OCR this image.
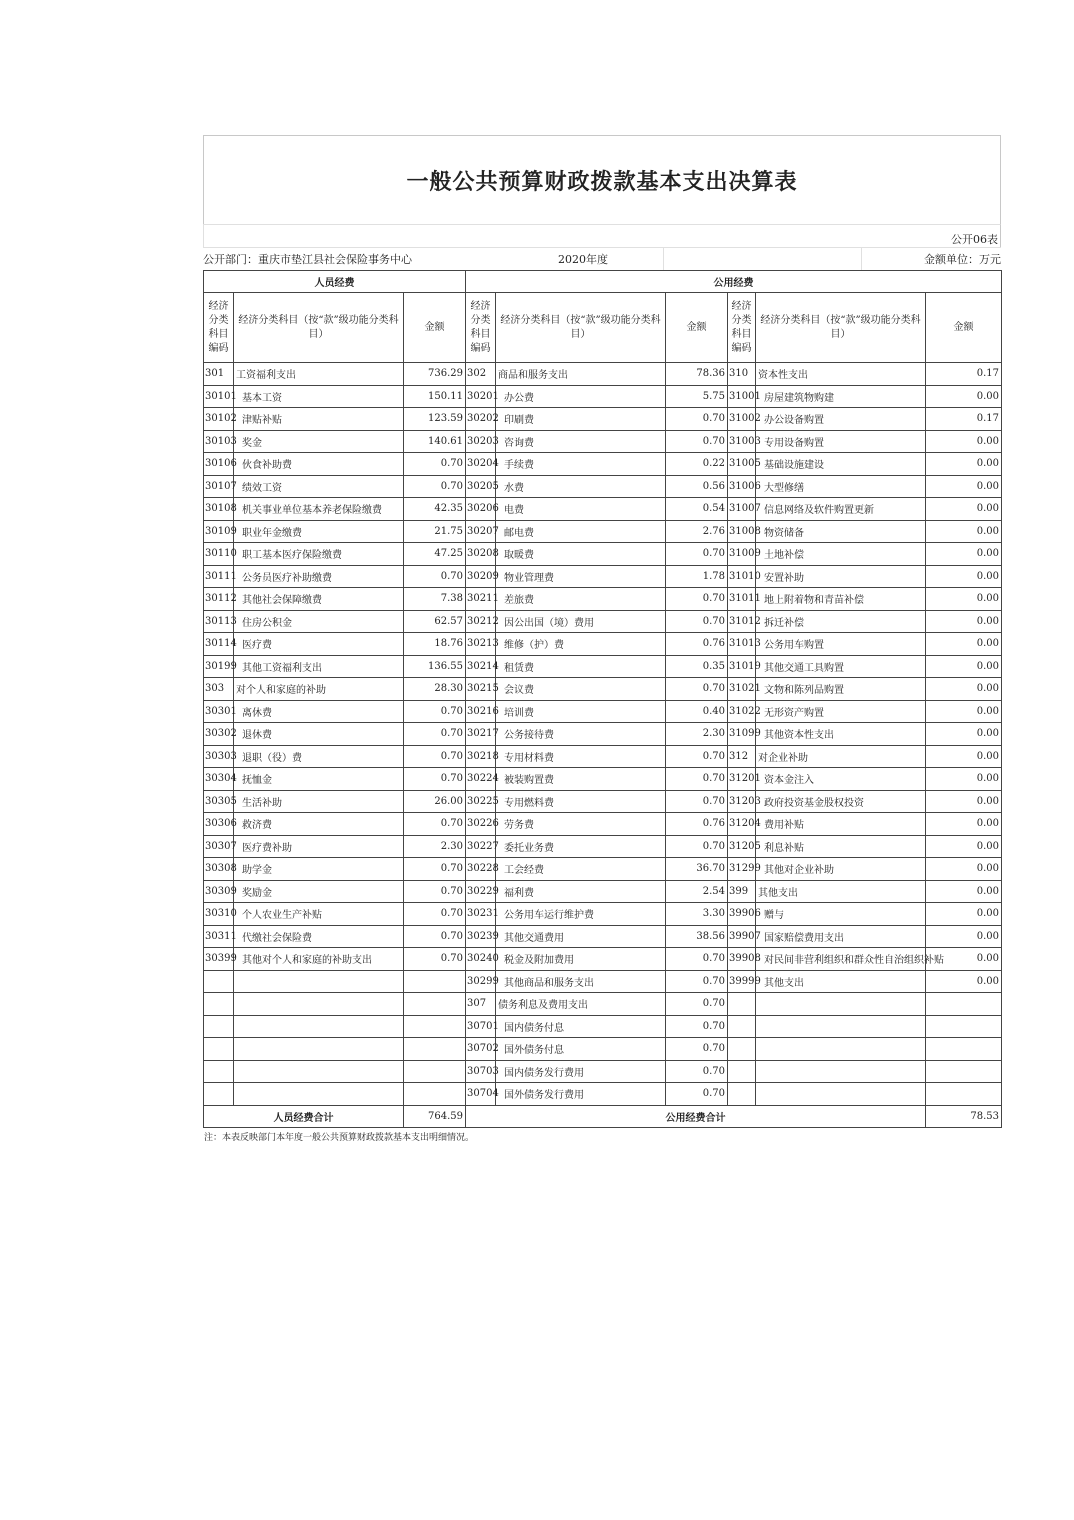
一般公共预算财政拨款基本支出决算表
公开06表
公开部门：重庆市垫江县社会保险事务中心	2020年度	金额单位：万元
人员经费			公用经费					
经济分类科目编码	经济分类科目（按“款”级功能分类科目）	金额	经济分类科目编码	经济分类科目（按“款”级功能分类科目）	金额	经济分类科目编码	经济分类科目（按“款”级功能分类科目）	金额
301	工资福利支出	736.29	302	商品和服务支出	78.36	310	资本性支出	0.17
30101	基本工资	150.11	30201	办公费	5.75	31001	房屋建筑物购建	0.00
30102	津贴补贴	123.59	30202	印刷费	0.70	31002	办公设备购置	0.17
30103	奖金	140.61	30203	咨询费	0.70	31003	专用设备购置	0.00
30106	伙食补助费	0.70	30204	手续费	0.22	31005	基础设施建设	0.00
30107	绩效工资	0.70	30205	水费	0.56	31006	大型修缮	0.00
30108	机关事业单位基本养老保险缴费	42.35	30206	电费	0.54	31007	信息网络及软件购置更新	0.00
30109	职业年金缴费	21.75	30207	邮电费	2.76	31008	物资储备	0.00
30110	职工基本医疗保险缴费	47.25	30208	取暖费	0.70	31009	土地补偿	0.00
30111	公务员医疗补助缴费	0.70	30209	物业管理费	1.78	31010	安置补助	0.00
30112	其他社会保障缴费	7.38	30211	差旅费	0.70	31011	地上附着物和青苗补偿	0.00
30113	住房公积金	62.57	30212	因公出国（境）费用	0.70	31012	拆迁补偿	0.00
30114	医疗费	18.76	30213	维修（护）费	0.76	31013	公务用车购置	0.00
30199	其他工资福利支出	136.55	30214	租赁费	0.35	31019	其他交通工具购置	0.00
303	对个人和家庭的补助	28.30	30215	会议费	0.70	31021	文物和陈列品购置	0.00
30301	离休费	0.70	30216	培训费	0.40	31022	无形资产购置	0.00
30302	退休费	0.70	30217	公务接待费	2.30	31099	其他资本性支出	0.00
30303	退职（役）费	0.70	30218	专用材料费	0.70	312	对企业补助	0.00
30304	抚恤金	0.70	30224	被装购置费	0.70	31201	资本金注入	0.00
30305	生活补助	26.00	30225	专用燃料费	0.70	31203	政府投资基金股权投资	0.00
30306	救济费	0.70	30226	劳务费	0.76	31204	费用补贴	0.00
30307	医疗费补助	2.30	30227	委托业务费	0.70	31205	利息补贴	0.00
30308	助学金	0.70	30228	工会经费	36.70	31299	其他对企业补助	0.00
30309	奖励金	0.70	30229	福利费	2.54	399	其他支出	0.00
30310	个人农业生产补贴	0.70	30231	公务用车运行维护费	3.30	39906	赠与	0.00
30311	代缴社会保险费	0.70	30239	其他交通费用	38.56	39907	国家赔偿费用支出	0.00
30399	其他对个人和家庭的补助支出	0.70	30240	税金及附加费用	0.70	39908	对民间非营利组织和群众性自治组织补贴	0.00
			30299	其他商品和服务支出	0.70	39999	其他支出	0.00
			307	债务利息及费用支出	0.70			
			30701	国内债务付息	0.70			
			30702	国外债务付息	0.70			
			30703	国内债务发行费用	0.70			
			30704	国外债务发行费用	0.70			
人员经费合计		764.59	公用经费合计					78.53
注：本表反映部门本年度一般公共预算财政拨款基本支出明细情况。
